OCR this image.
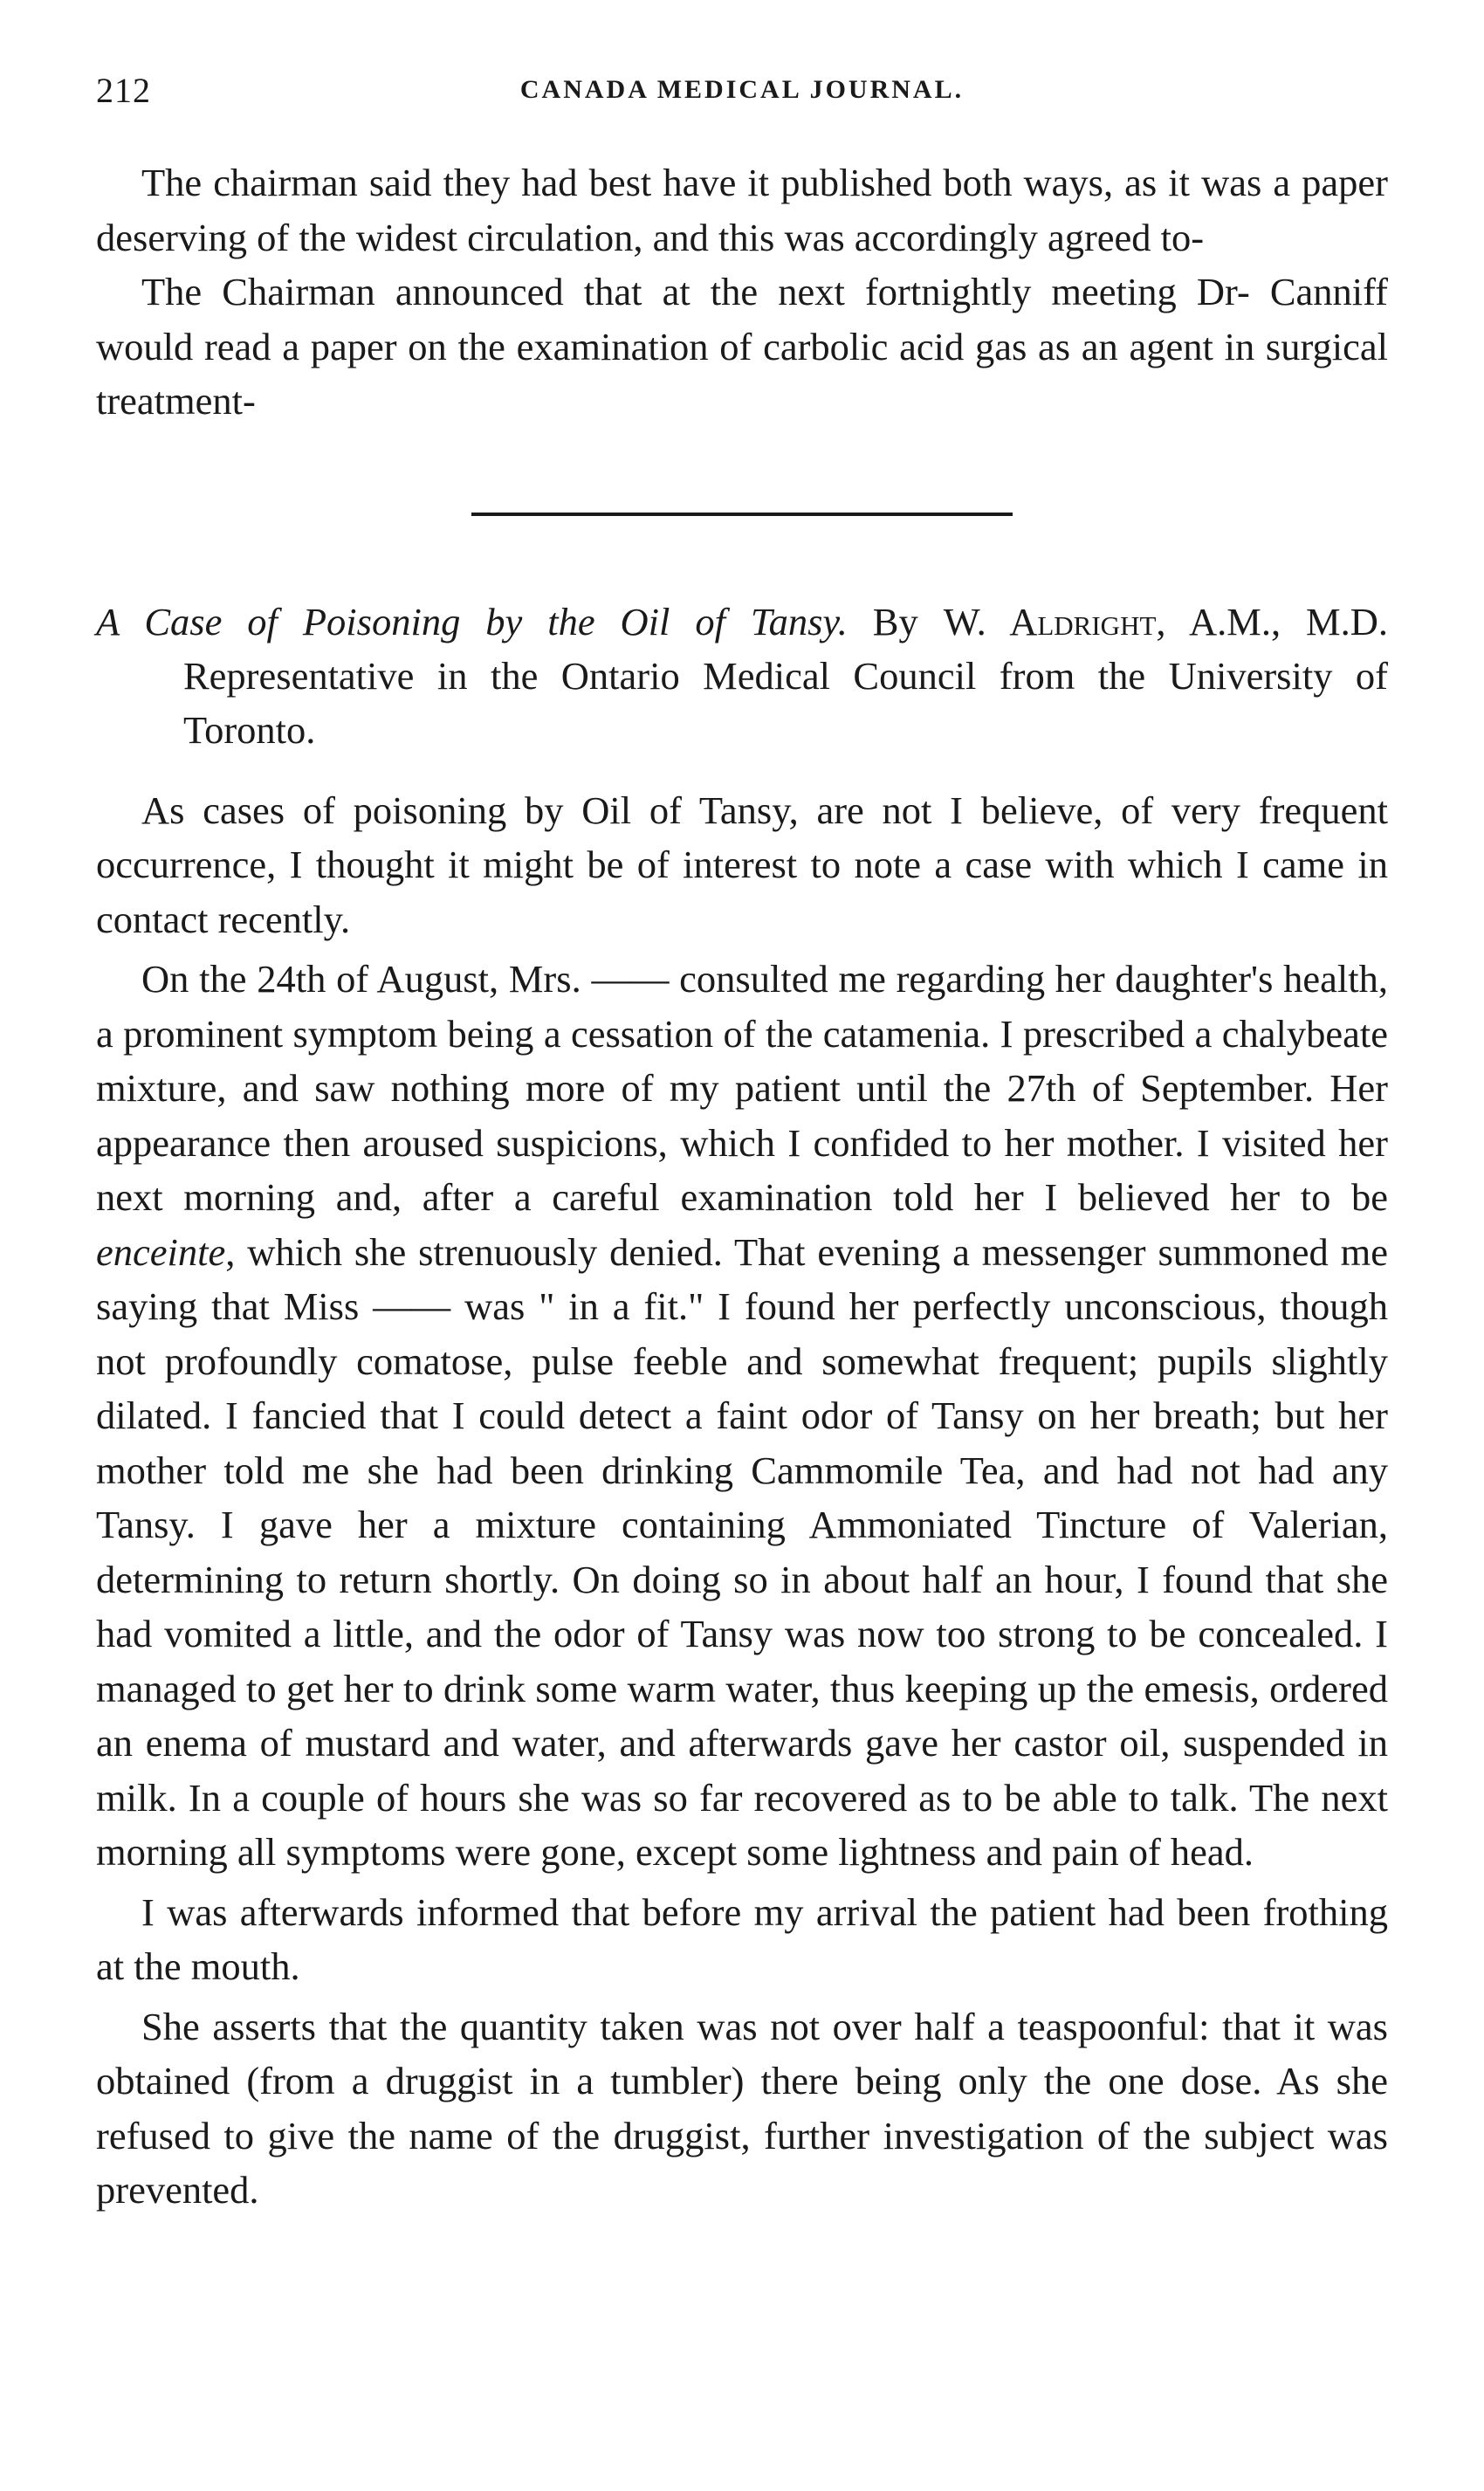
212	CANADA MEDICAL JOURNAL.

The chairman said they had best have it published both ways, as it was a paper deserving of the widest circulation, and this was accordingly agreed to-

The Chairman announced that at the next fortnightly meeting Dr- Canniff would read a paper on the examination of carbolic acid gas as an agent in surgical treatment-

A Case of Poisoning by the Oil of Tansy. By W. Aldright, A.M., M.D. Representative in the Ontario Medical Council from the University of Toronto.

As cases of poisoning by Oil of Tansy, are not I believe, of very frequent occurrence, I thought it might be of interest to note a case with which I came in contact recently.

On the 24th of August, Mrs. —— consulted me regarding her daughter's health, a prominent symptom being a cessation of the catamenia. I prescribed a chalybeate mixture, and saw nothing more of my patient until the 27th of September. Her appearance then aroused suspicions, which I confided to her mother. I visited her next morning and, after a careful examination told her I believed her to be enceinte, which she strenuously denied. That evening a messenger summoned me saying that Miss —— was " in a fit." I found her perfectly unconscious, though not profoundly comatose, pulse feeble and somewhat frequent; pupils slightly dilated. I fancied that I could detect a faint odor of Tansy on her breath; but her mother told me she had been drinking Cammomile Tea, and had not had any Tansy. I gave her a mixture containing Ammoniated Tincture of Valerian, determining to return shortly. On doing so in about half an hour, I found that she had vomited a little, and the odor of Tansy was now too strong to be concealed. I managed to get her to drink some warm water, thus keeping up the emesis, ordered an enema of mustard and water, and afterwards gave her castor oil, suspended in milk. In a couple of hours she was so far recovered as to be able to talk. The next morning all symptoms were gone, except some lightness and pain of head.

I was afterwards informed that before my arrival the patient had been frothing at the mouth.

She asserts that the quantity taken was not over half a teaspoonful: that it was obtained (from a druggist in a tumbler) there being only the one dose. As she refused to give the name of the druggist, further investigation of the subject was prevented.
